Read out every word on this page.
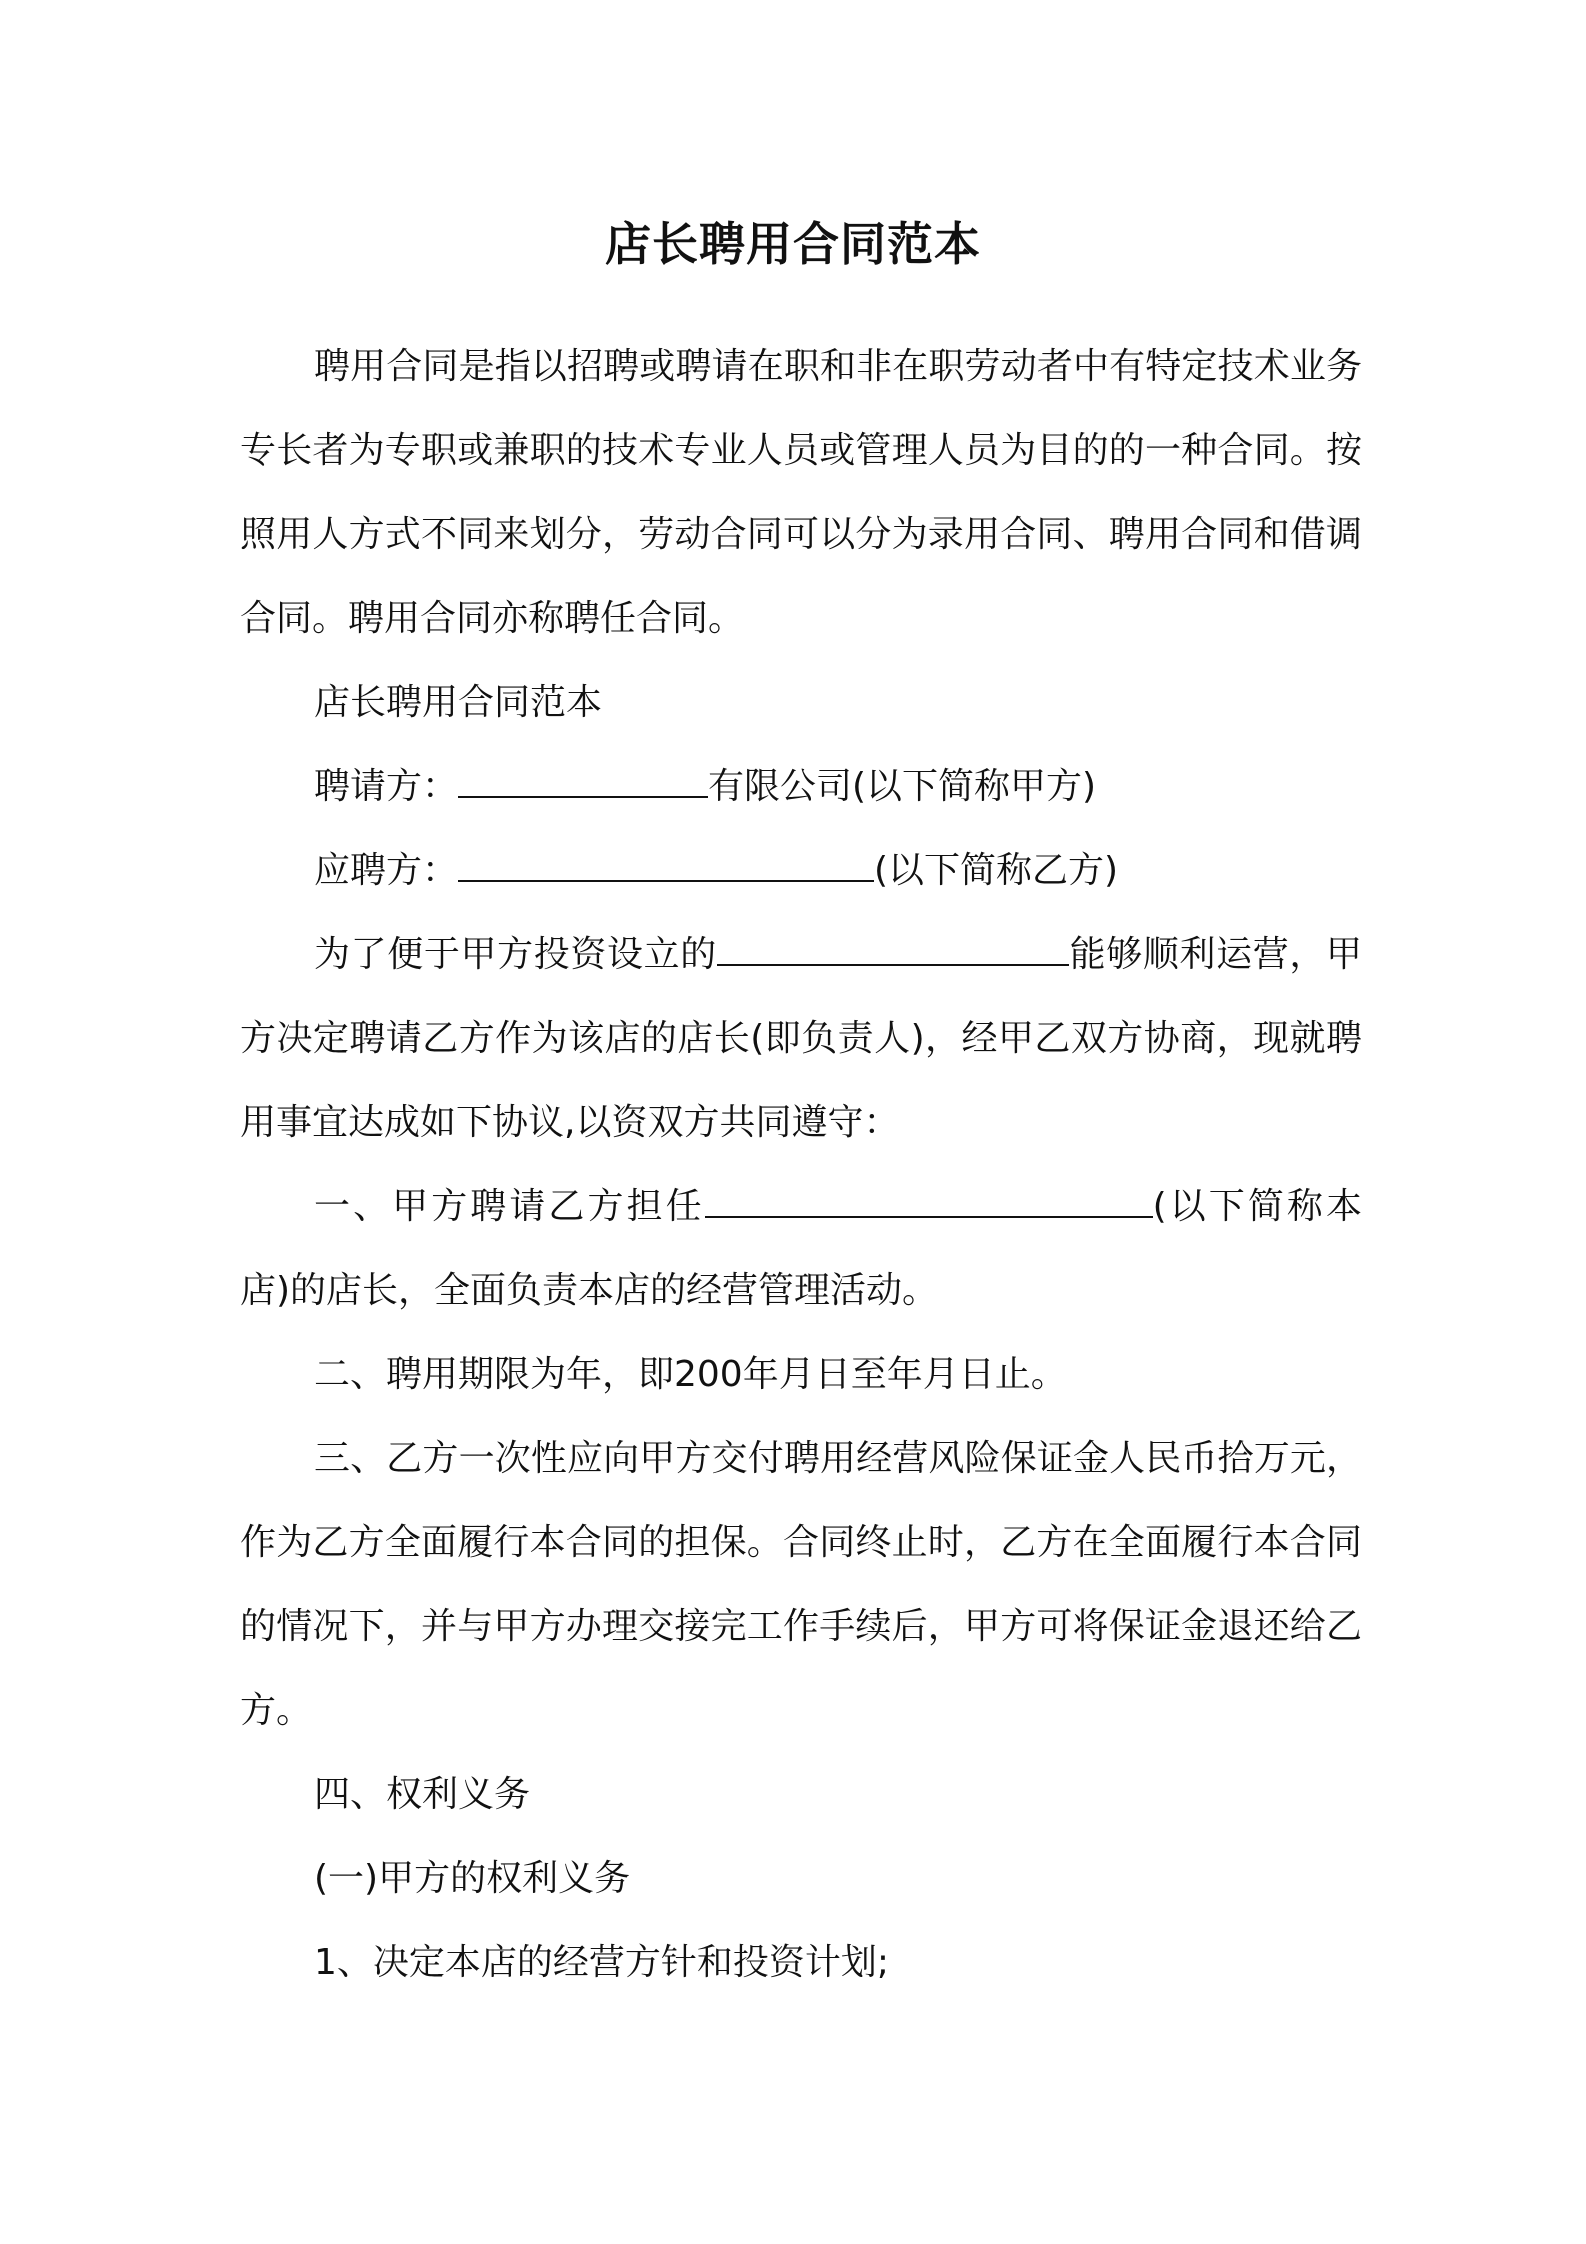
店长聘用合同范本

聘用合同是指以招聘或聘请在职和非在职劳动者中有特定技术业务专长者为专职或兼职的技术专业人员或管理人员为目的的一种合同。按照用人方式不同来划分，劳动合同可以分为录用合同、聘用合同和借调合同。聘用合同亦称聘任合同。

店长聘用合同范本

聘请方：	有限公司(以下简称甲方)

应聘方：	(以下简称乙方)

为了便于甲方投资设立的	能够顺利运营，甲方决定聘请乙方作为该店的店长(即负责人)，经甲乙双方协商，现就聘用事宜达成如下协议,以资双方共同遵守：

一、甲方聘请乙方担任	(以下简称本店)的店长，全面负责本店的经营管理活动。

二、聘用期限为年，即200年月日至年月日止。

三、乙方一次性应向甲方交付聘用经营风险保证金人民币拾万元，作为乙方全面履行本合同的担保。合同终止时，乙方在全面履行本合同的情况下，并与甲方办理交接完工作手续后，甲方可将保证金退还给乙方。

四、权利义务

(一)甲方的权利义务

1、决定本店的经营方针和投资计划;
